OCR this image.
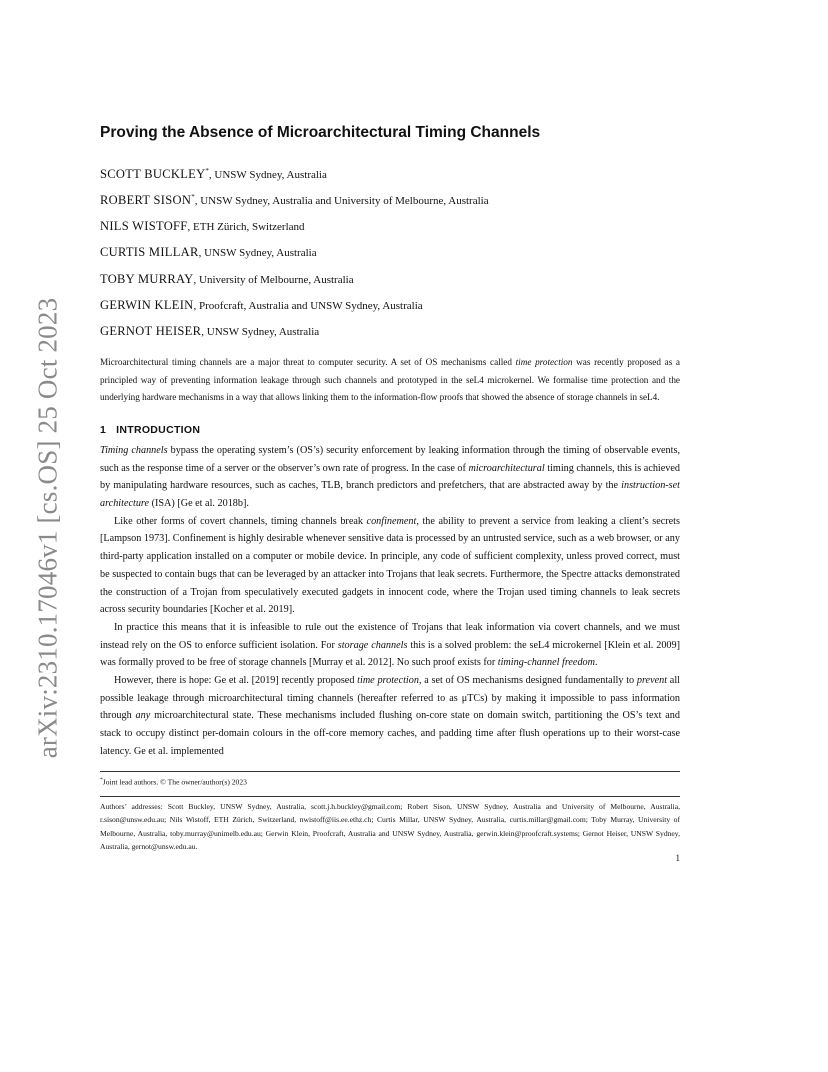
arXiv:2310.17046v1 [cs.OS] 25 Oct 2023
Proving the Absence of Microarchitectural Timing Channels
SCOTT BUCKLEY*, UNSW Sydney, Australia
ROBERT SISON*, UNSW Sydney, Australia and University of Melbourne, Australia
NILS WISTOFF, ETH Zürich, Switzerland
CURTIS MILLAR, UNSW Sydney, Australia
TOBY MURRAY, University of Melbourne, Australia
GERWIN KLEIN, Proofcraft, Australia and UNSW Sydney, Australia
GERNOT HEISER, UNSW Sydney, Australia

Microarchitectural timing channels are a major threat to computer security. A set of OS mechanisms called time protection was recently proposed as a principled way of preventing information leakage through such channels and prototyped in the seL4 microkernel. We formalise time protection and the underlying hardware mechanisms in a way that allows linking them to the information-flow proofs that showed the absence of storage channels in seL4.

1 INTRODUCTION

Timing channels bypass the operating system’s (OS’s) security enforcement by leaking information through the timing of observable events, such as the response time of a server or the observer’s own rate of progress. In the case of microarchitectural timing channels, this is achieved by manipulating hardware resources, such as caches, TLB, branch predictors and prefetchers, that are abstracted away by the instruction-set architecture (ISA) [Ge et al. 2018b].

Like other forms of covert channels, timing channels break confinement, the ability to prevent a service from leaking a client’s secrets [Lampson 1973]. Confinement is highly desirable whenever sensitive data is processed by an untrusted service, such as a web browser, or any third-party application installed on a computer or mobile device. In principle, any code of sufficient complexity, unless proved correct, must be suspected to contain bugs that can be leveraged by an attacker into Trojans that leak secrets. Furthermore, the Spectre attacks demonstrated the construction of a Trojan from speculatively executed gadgets in innocent code, where the Trojan used timing channels to leak secrets across security boundaries [Kocher et al. 2019].

In practice this means that it is infeasible to rule out the existence of Trojans that leak information via covert channels, and we must instead rely on the OS to enforce sufficient isolation. For storage channels this is a solved problem: the seL4 microkernel [Klein et al. 2009] was formally proved to be free of storage channels [Murray et al. 2012]. No such proof exists for timing-channel freedom.

However, there is hope: Ge et al. [2019] recently proposed time protection, a set of OS mechanisms designed fundamentally to prevent all possible leakage through microarchitectural timing channels (hereafter referred to as μTCs) by making it impossible to pass information through any microarchitectural state. These mechanisms included flushing on-core state on domain switch, partitioning the OS’s text and stack to occupy distinct per-domain colours in the off-core memory caches, and padding time after flush operations up to their worst-case latency. Ge et al. implemented

*Joint lead authors. © The owner/author(s) 2023

Authors’ addresses: Scott Buckley, UNSW Sydney, Australia, scott.j.h.buckley@gmail.com; Robert Sison, UNSW Sydney, Australia and University of Melbourne, Australia, r.sison@unsw.edu.au; Nils Wistoff, ETH Zürich, Switzerland, nwistoff@iis.ee.ethz.ch; Curtis Millar, UNSW Sydney, Australia, curtis.millar@gmail.com; Toby Murray, University of Melbourne, Australia, toby.murray@unimelb.edu.au; Gerwin Klein, Proofcraft, Australia and UNSW Sydney, Australia, gerwin.klein@proofcraft.systems; Gernot Heiser, UNSW Sydney, Australia, gernot@unsw.edu.au.

1
